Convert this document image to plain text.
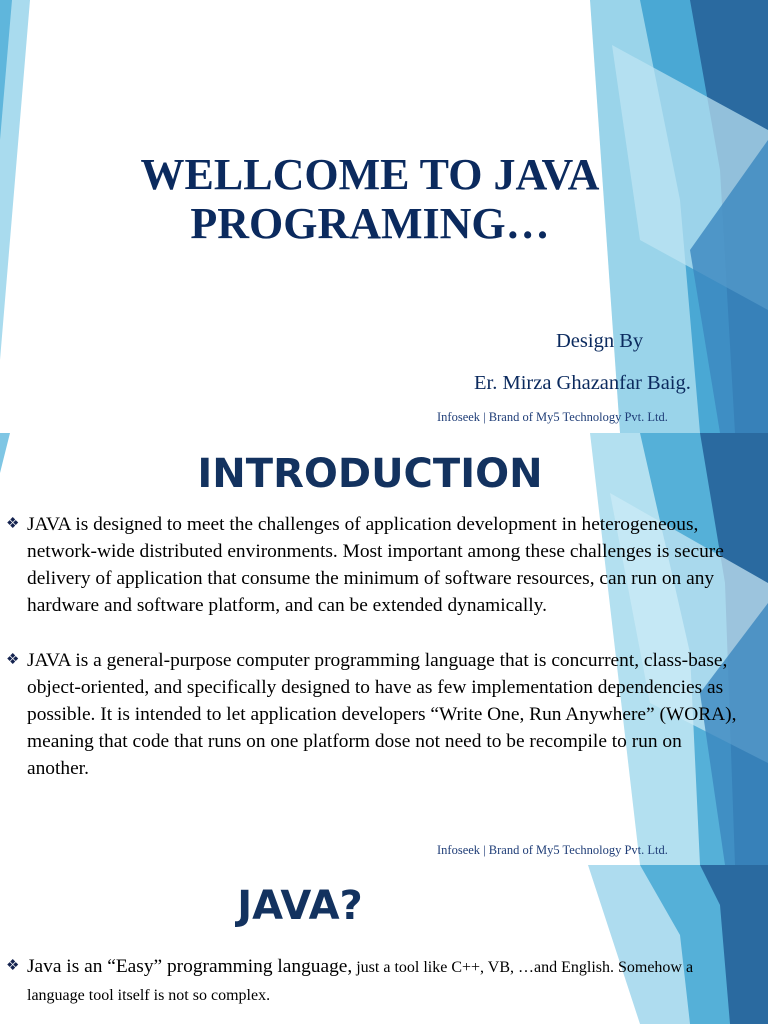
WELLCOME TO JAVA
PROGRAMING…

Design By

Er. Mirza Ghazanfar Baig.

Infoseek | Brand of My5 Technology Pvt. Ltd.

INTRODUCTION
❖ JAVA is designed to meet the challenges of application development in heterogeneous, network-wide distributed environments. Most important among these challenges is secure delivery of application that consume the minimum of software resources, can run on any hardware and software platform, and can be extended dynamically.
❖ JAVA is a general-purpose computer programming language that is concurrent, class-base, object-oriented, and specifically designed to have as few implementation dependencies as possible. It is intended to let application developers “Write One, Run Anywhere” (WORA), meaning that code that runs on one platform dose not need to be recompile to run on another.

Infoseek | Brand of My5 Technology Pvt. Ltd.

JAVA?
❖ Java is an “Easy” programming language, just a tool like C++, VB, …and English. Somehow a language tool itself is not so complex.
